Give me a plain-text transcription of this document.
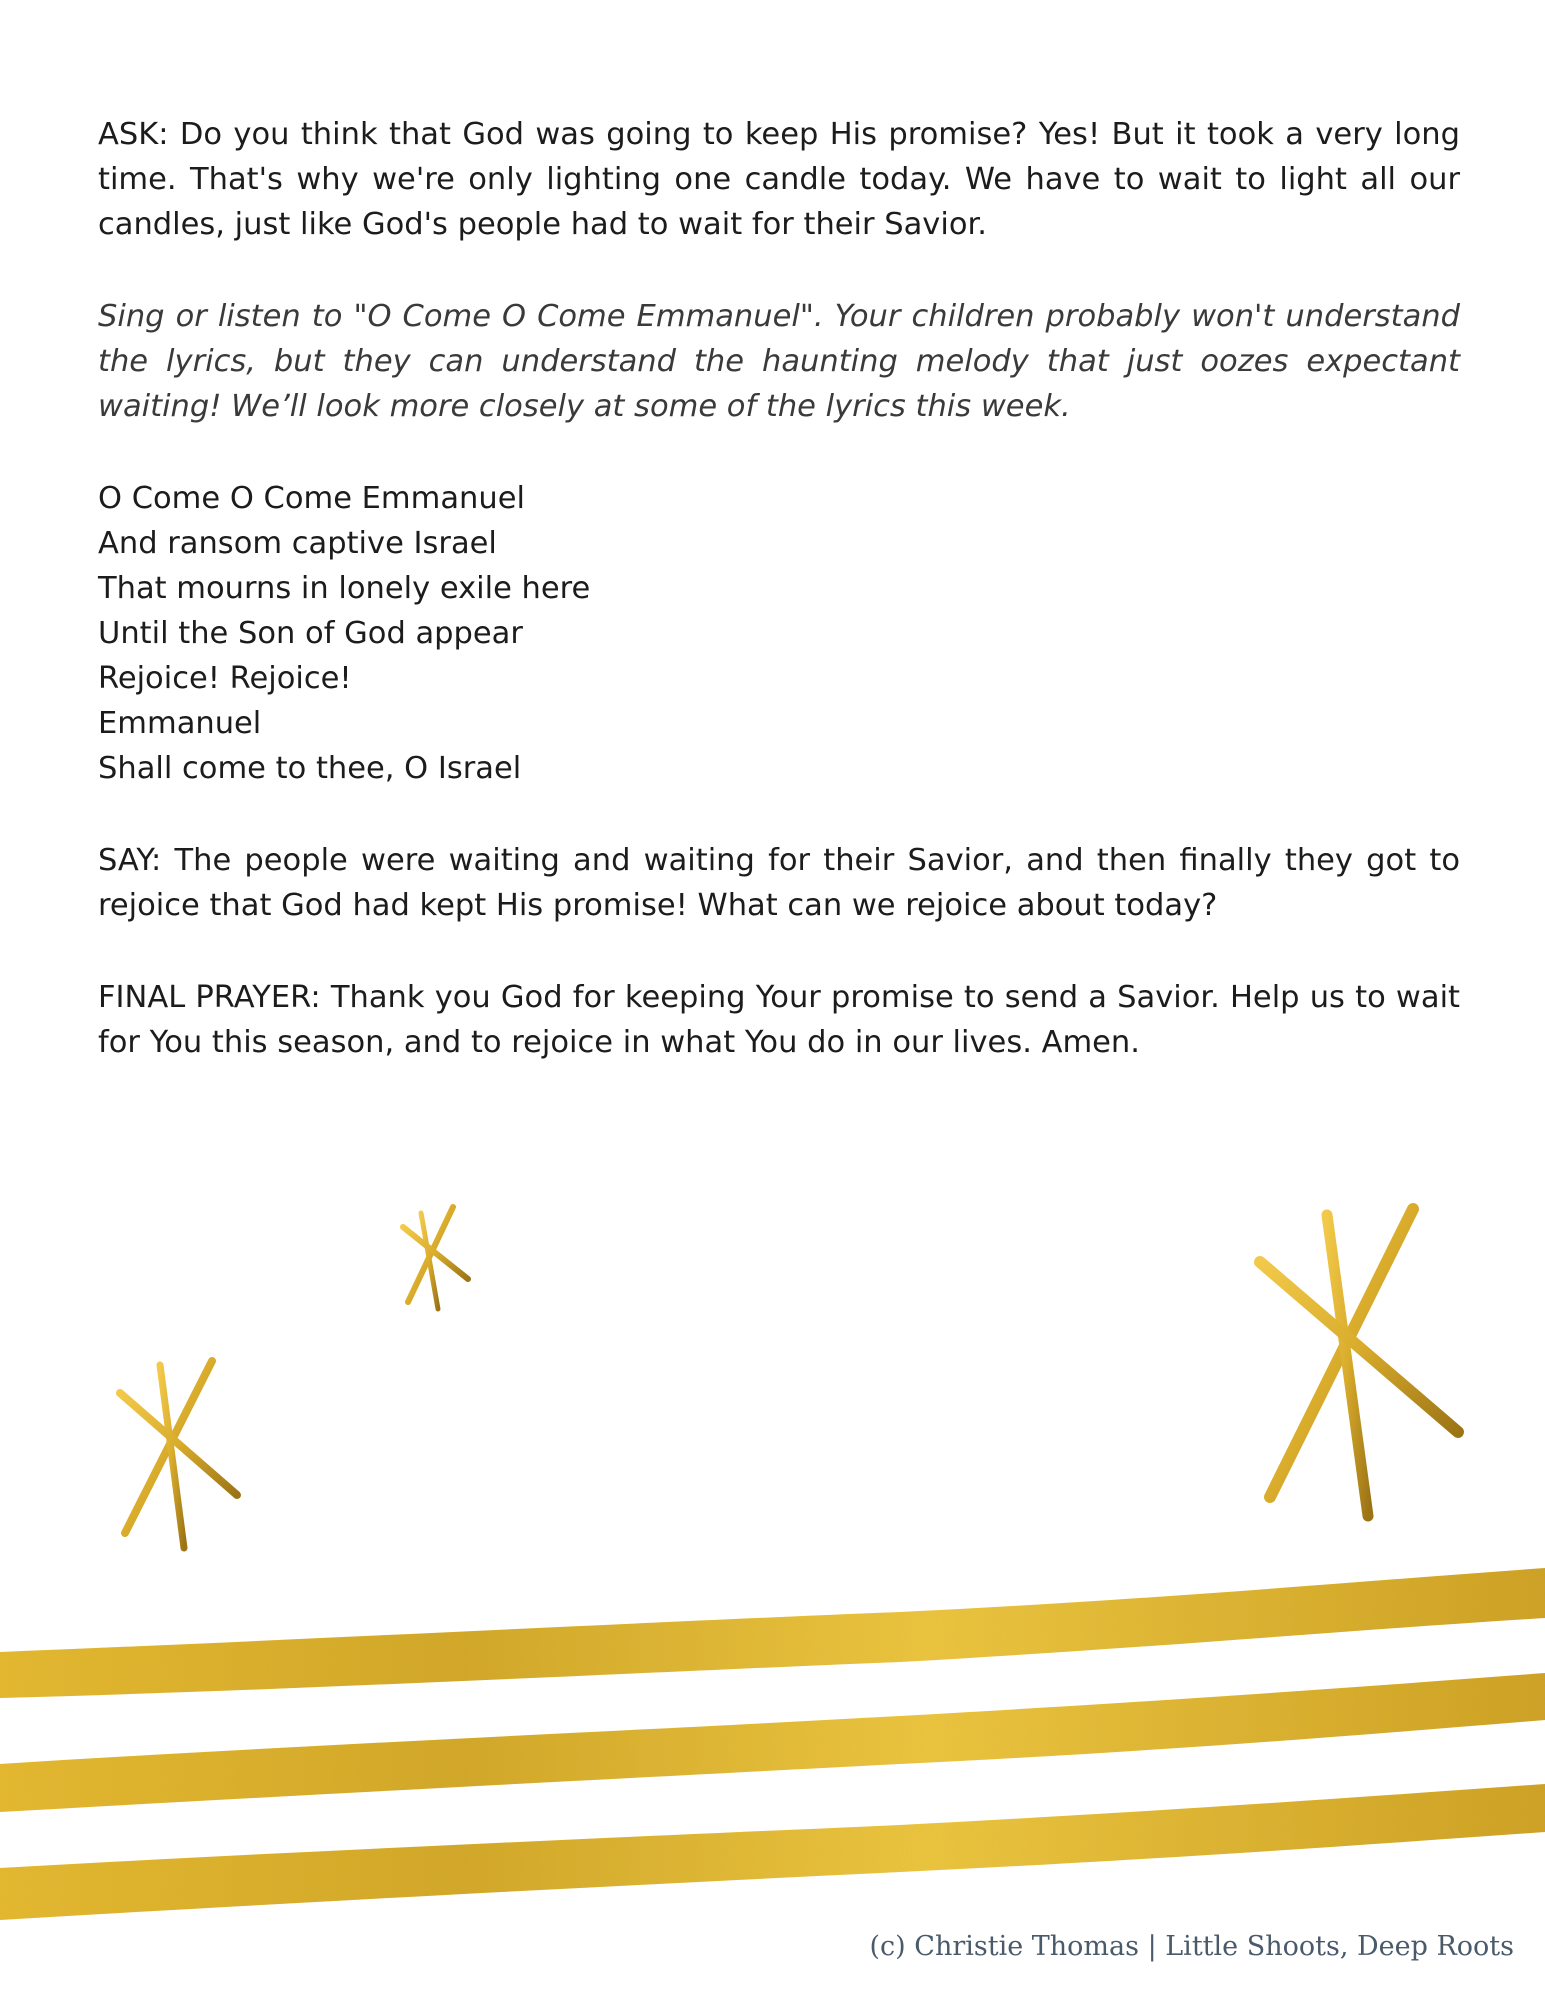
ASK: Do you think that God was going to keep His promise? Yes! But it took a very long time. That's why we're only lighting one candle today. We have to wait to light all our candles, just like God's people had to wait for their Savior.

Sing or listen to "O Come O Come Emmanuel". Your children probably won't understand the lyrics, but they can understand the haunting melody that just oozes expectant waiting! We’ll look more closely at some of the lyrics this week.

O Come O Come Emmanuel
And ransom captive Israel
That mourns in lonely exile here
Until the Son of God appear
Rejoice! Rejoice!
Emmanuel
Shall come to thee, O Israel

SAY: The people were waiting and waiting for their Savior, and then finally they got to rejoice that God had kept His promise! What can we rejoice about today?

FINAL PRAYER: Thank you God for keeping Your promise to send a Savior. Help us to wait for You this season, and to rejoice in what You do in our lives. Amen.

(c) Christie Thomas | Little Shoots, Deep Roots
